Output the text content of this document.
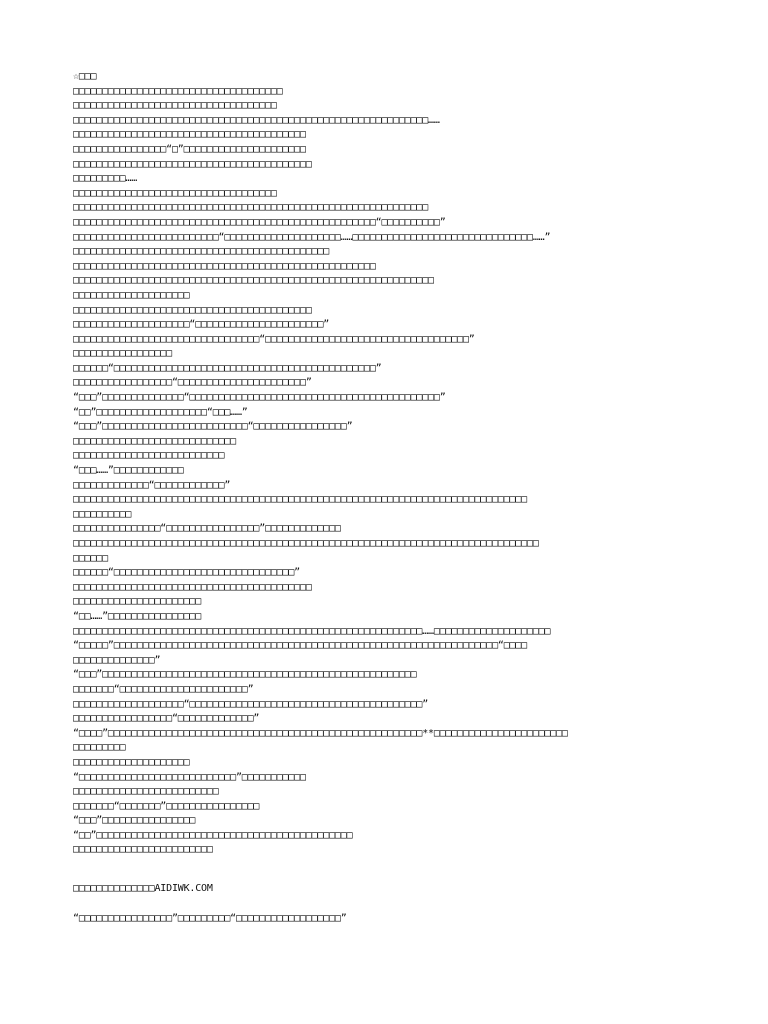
☆□□□
□□□□□□□□□□□□□□□□□□□□□□□□□□□□□□□□□□□□
□□□□□□□□□□□□□□□□□□□□□□□□□□□□□□□□□□□
□□□□□□□□□□□□□□□□□□□□□□□□□□□□□□□□□□□□□□□□□□□□□□□□□□□□□□□□□□□□□……
□□□□□□□□□□□□□□□□□□□□□□□□□□□□□□□□□□□□□□□□
□□□□□□□□□□□□□□□□“□”□□□□□□□□□□□□□□□□□□□□□
□□□□□□□□□□□□□□□□□□□□□□□□□□□□□□□□□□□□□□□□□
□□□□□□□□□……
□□□□□□□□□□□□□□□□□□□□□□□□□□□□□□□□□□□
□□□□□□□□□□□□□□□□□□□□□□□□□□□□□□□□□□□□□□□□□□□□□□□□□□□□□□□□□□□□□
□□□□□□□□□□□□□□□□□□□□□□□□□□□□□□□□□□□□□□□□□□□□□□□□□□□□“□□□□□□□□□□”
□□□□□□□□□□□□□□□□□□□□□□□□□“□□□□□□□□□□□□□□□□□□□□……□□□□□□□□□□□□□□□□□□□□□□□□□□□□□□□……”
□□□□□□□□□□□□□□□□□□□□□□□□□□□□□□□□□□□□□□□□□□□□
□□□□□□□□□□□□□□□□□□□□□□□□□□□□□□□□□□□□□□□□□□□□□□□□□□□□
□□□□□□□□□□□□□□□□□□□□□□□□□□□□□□□□□□□□□□□□□□□□□□□□□□□□□□□□□□□□□□
□□□□□□□□□□□□□□□□□□□□
□□□□□□□□□□□□□□□□□□□□□□□□□□□□□□□□□□□□□□□□□
□□□□□□□□□□□□□□□□□□□□“□□□□□□□□□□□□□□□□□□□□□□”
□□□□□□□□□□□□□□□□□□□□□□□□□□□□□□□□“□□□□□□□□□□□□□□□□□□□□□□□□□□□□□□□□□□□”
□□□□□□□□□□□□□□□□□
□□□□□□“□□□□□□□□□□□□□□□□□□□□□□□□□□□□□□□□□□□□□□□□□□□□□”
□□□□□□□□□□□□□□□□□“□□□□□□□□□□□□□□□□□□□□□□”
“□□□”□□□□□□□□□□□□□□“□□□□□□□□□□□□□□□□□□□□□□□□□□□□□□□□□□□□□□□□□□□”
“□□”□□□□□□□□□□□□□□□□□□□“□□□……”
“□□□”□□□□□□□□□□□□□□□□□□□□□□□□□“□□□□□□□□□□□□□□□□”
□□□□□□□□□□□□□□□□□□□□□□□□□□□□
□□□□□□□□□□□□□□□□□□□□□□□□□□
“□□□……”□□□□□□□□□□□□
□□□□□□□□□□□□□“□□□□□□□□□□□□”
□□□□□□□□□□□□□□□□□□□□□□□□□□□□□□□□□□□□□□□□□□□□□□□□□□□□□□□□□□□□□□□□□□□□□□□□□□□□□□
□□□□□□□□□□
□□□□□□□□□□□□□□□“□□□□□□□□□□□□□□□□”□□□□□□□□□□□□□
□□□□□□□□□□□□□□□□□□□□□□□□□□□□□□□□□□□□□□□□□□□□□□□□□□□□□□□□□□□□□□□□□□□□□□□□□□□□□□□□
□□□□□□
□□□□□□“□□□□□□□□□□□□□□□□□□□□□□□□□□□□□□□”
□□□□□□□□□□□□□□□□□□□□□□□□□□□□□□□□□□□□□□□□□
□□□□□□□□□□□□□□□□□□□□□□
“□□……”□□□□□□□□□□□□□□□□
□□□□□□□□□□□□□□□□□□□□□□□□□□□□□□□□□□□□□□□□□□□□□□□□□□□□□□□□□□□□……□□□□□□□□□□□□□□□□□□□□
“□□□□□”□□□□□□□□□□□□□□□□□□□□□□□□□□□□□□□□□□□□□□□□□□□□□□□□□□□□□□□□□□□□□□□□□□“□□□□
□□□□□□□□□□□□□□”
“□□□”□□□□□□□□□□□□□□□□□□□□□□□□□□□□□□□□□□□□□□□□□□□□□□□□□□□□□□
□□□□□□□“□□□□□□□□□□□□□□□□□□□□□□”
□□□□□□□□□□□□□□□□□□□“□□□□□□□□□□□□□□□□□□□□□□□□□□□□□□□□□□□□□□□□”
□□□□□□□□□□□□□□□□□“□□□□□□□□□□□□□”
“□□□□”□□□□□□□□□□□□□□□□□□□□□□□□□□□□□□□□□□□□□□□□□□□□□□□□□□□□□□**□□□□□□□□□□□□□□□□□□□□□□□
□□□□□□□□□
□□□□□□□□□□□□□□□□□□□□
“□□□□□□□□□□□□□□□□□□□□□□□□□□□”□□□□□□□□□□□
□□□□□□□□□□□□□□□□□□□□□□□□□
□□□□□□□“□□□□□□□”□□□□□□□□□□□□□□□□
“□□□”□□□□□□□□□□□□□□□□
“□□”□□□□□□□□□□□□□□□□□□□□□□□□□□□□□□□□□□□□□□□□□□□□
□□□□□□□□□□□□□□□□□□□□□□□□
□□□□□□□□□□□□□□AIDIWK.COM
“□□□□□□□□□□□□□□□□”□□□□□□□□□“□□□□□□□□□□□□□□□□□□”
